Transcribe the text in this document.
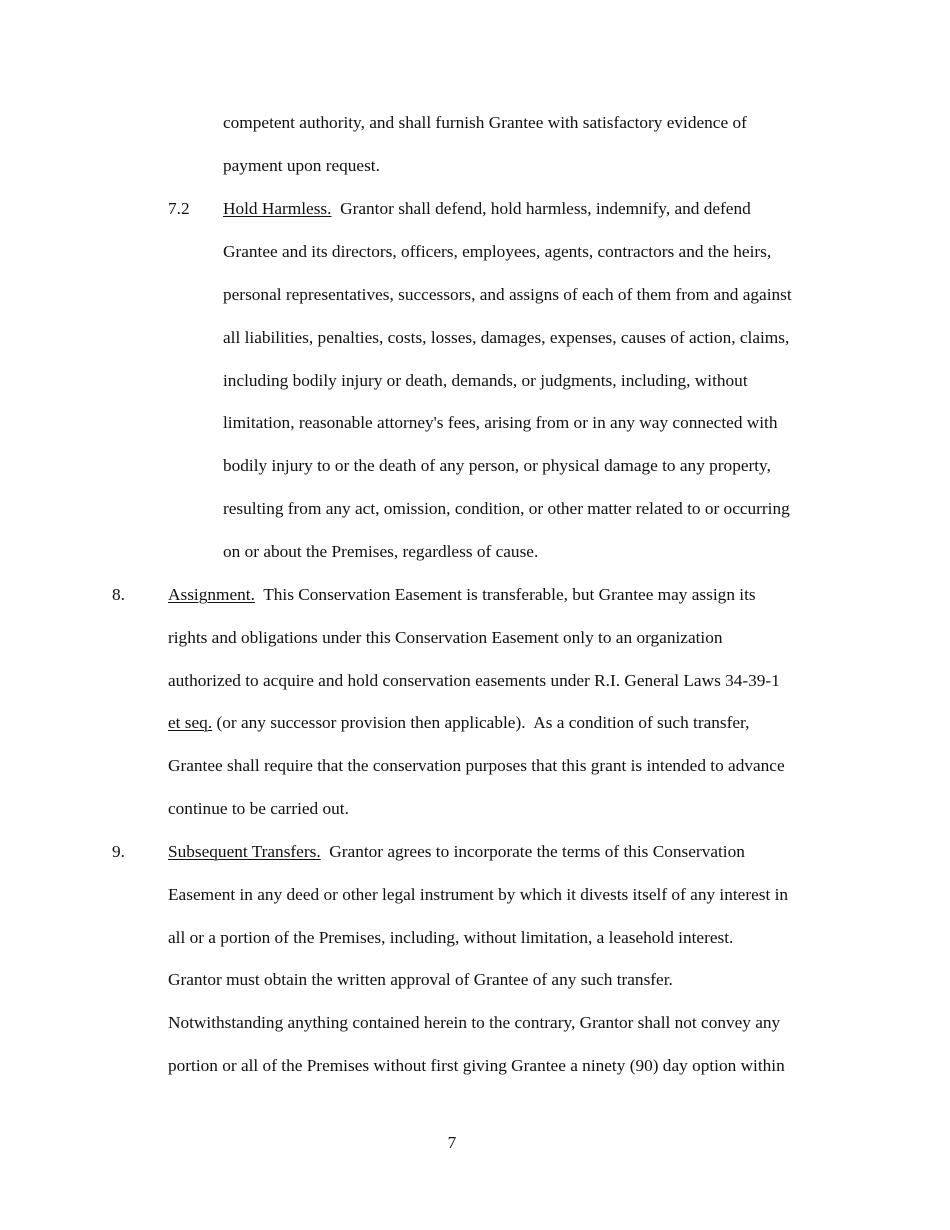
competent authority, and shall furnish Grantee with satisfactory evidence of

payment upon request.

7.2 Hold Harmless.  Grantor shall defend, hold harmless, indemnify, and defend

Grantee and its directors, officers, employees, agents, contractors and the heirs,

personal representatives, successors, and assigns of each of them from and against

all liabilities, penalties, costs, losses, damages, expenses, causes of action, claims,

including bodily injury or death, demands, or judgments, including, without

limitation, reasonable attorney's fees, arising from or in any way connected with

bodily injury to or the death of any person, or physical damage to any property,

resulting from any act, omission, condition, or other matter related to or occurring

on or about the Premises, regardless of cause.

8. Assignment.  This Conservation Easement is transferable, but Grantee may assign its

rights and obligations under this Conservation Easement only to an organization

authorized to acquire and hold conservation easements under R.I. General Laws 34-39-1

et seq. (or any successor provision then applicable).  As a condition of such transfer,

Grantee shall require that the conservation purposes that this grant is intended to advance

continue to be carried out.

9. Subsequent Transfers.  Grantor agrees to incorporate the terms of this Conservation

Easement in any deed or other legal instrument by which it divests itself of any interest in

all or a portion of the Premises, including, without limitation, a leasehold interest.

Grantor must obtain the written approval of Grantee of any such transfer.

Notwithstanding anything contained herein to the contrary, Grantor shall not convey any

portion or all of the Premises without first giving Grantee a ninety (90) day option within

7
